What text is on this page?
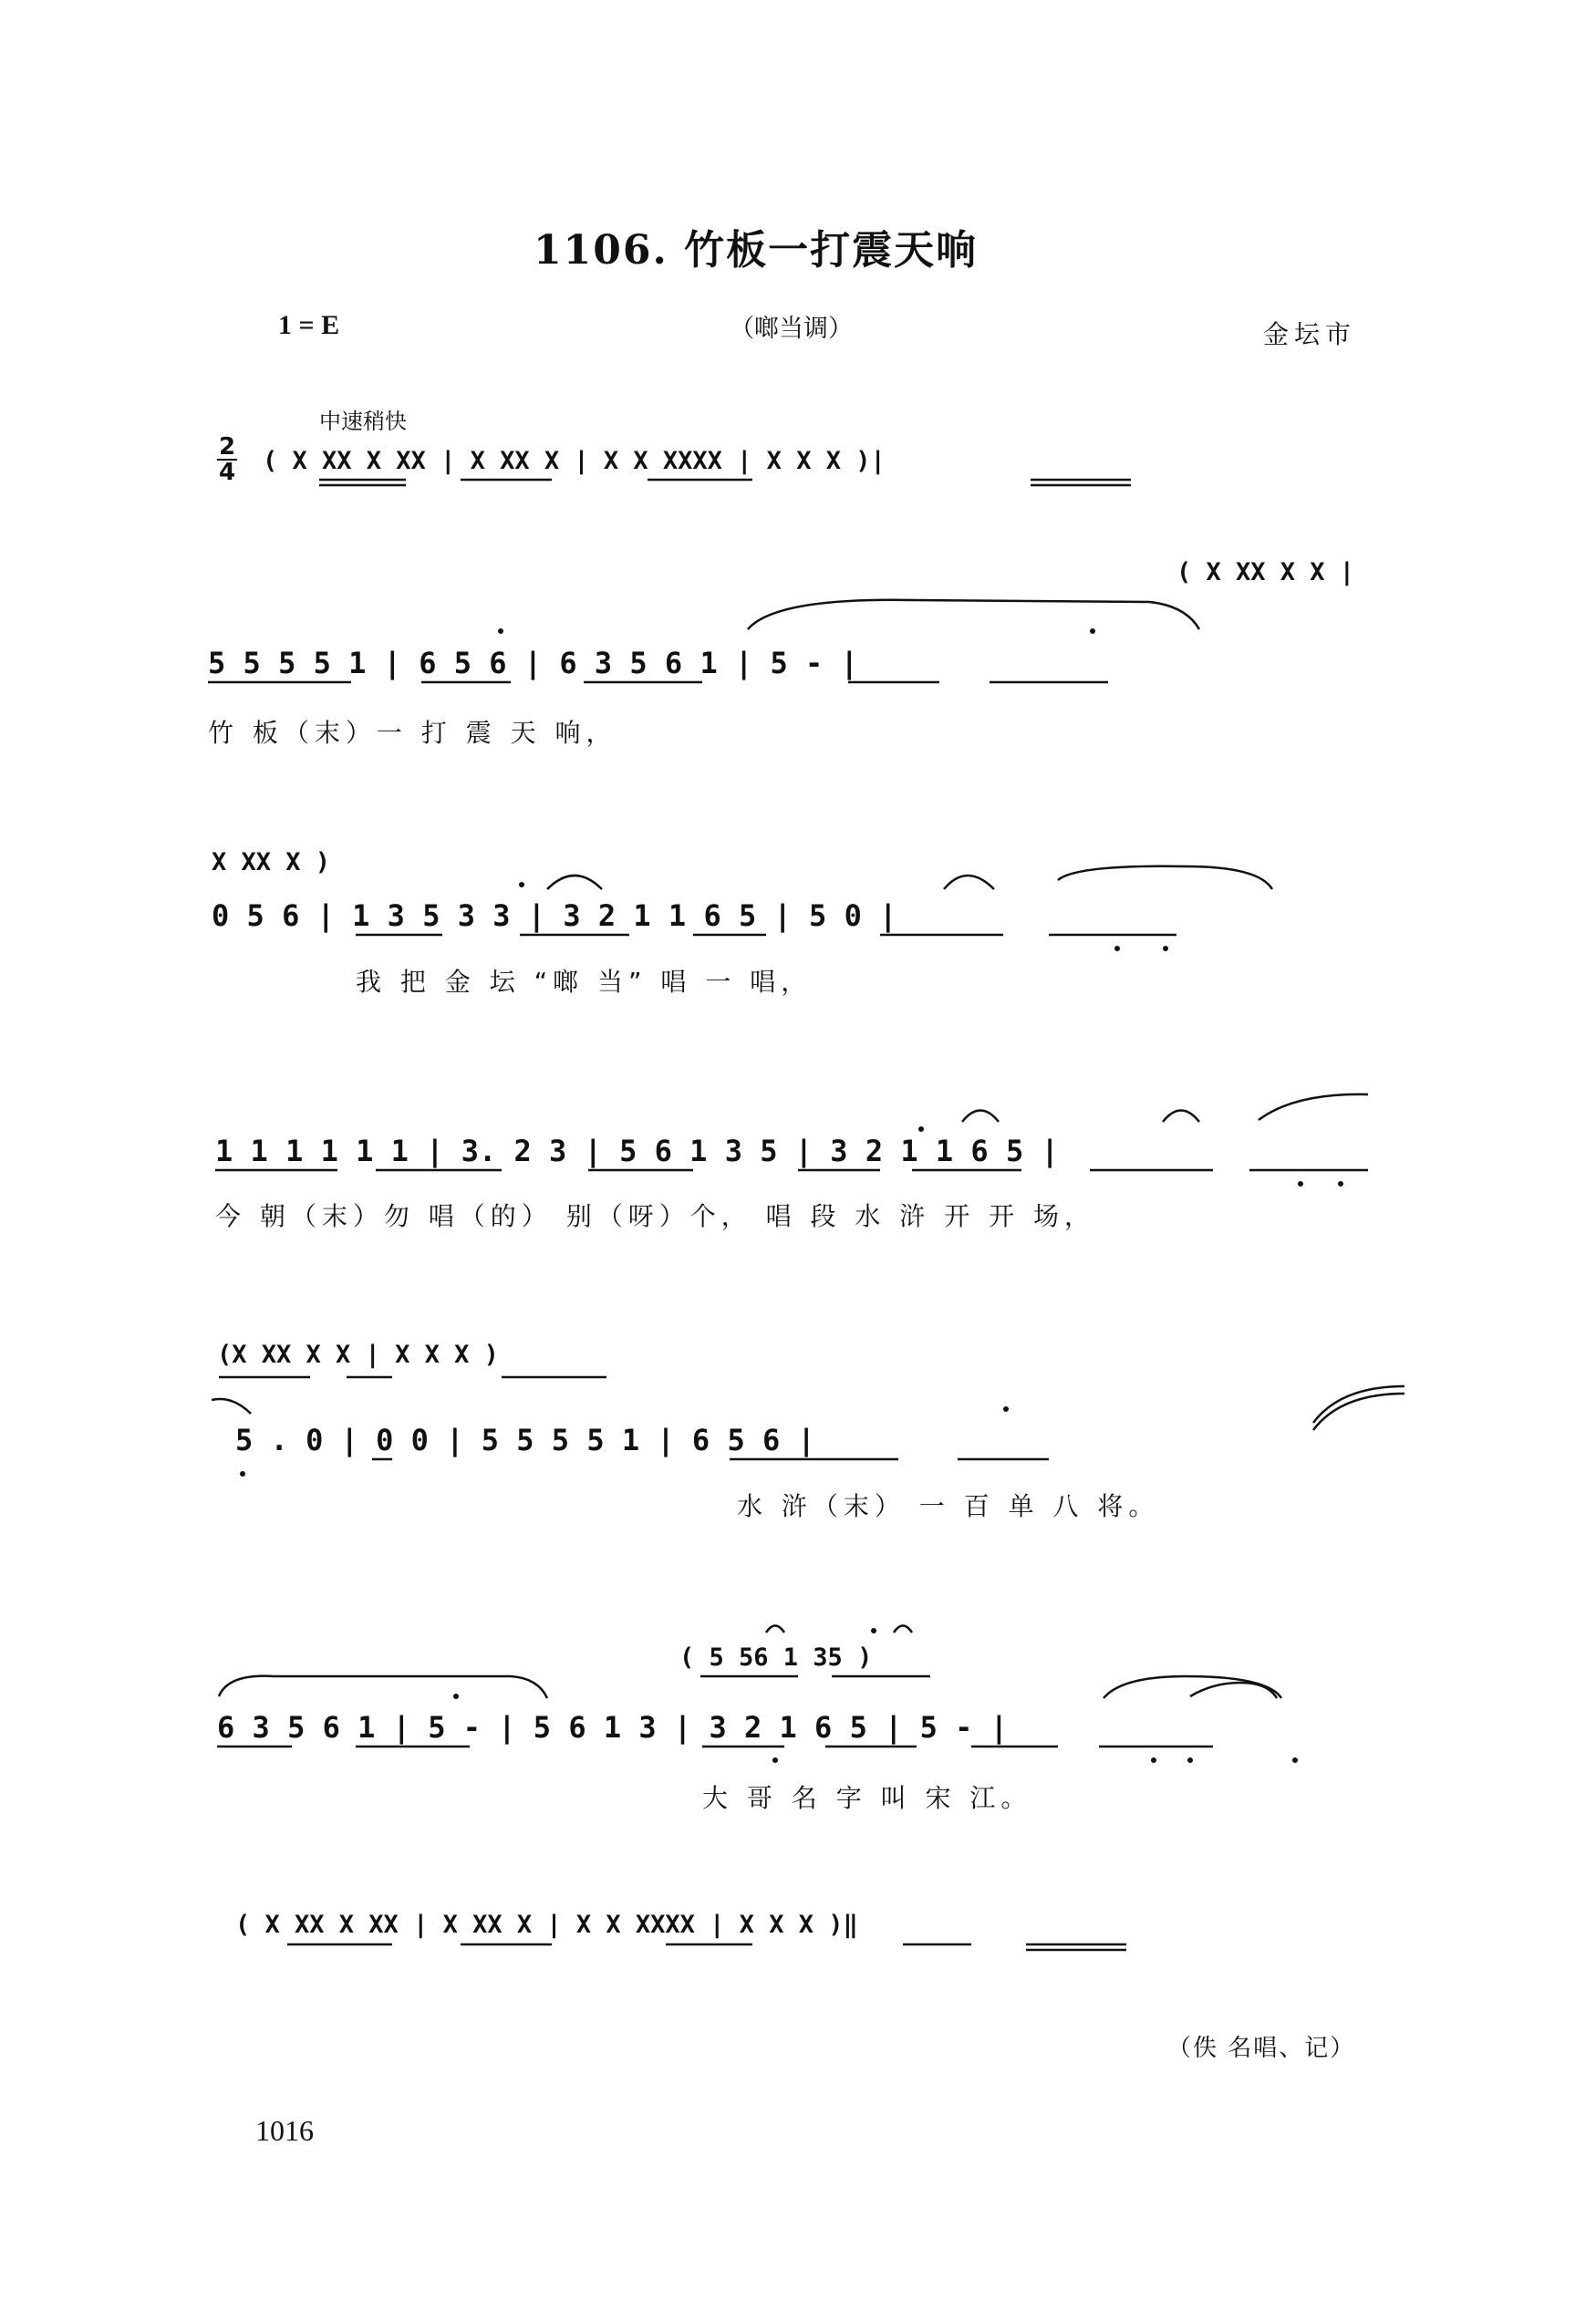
1106. 竹板一打震天响
1 = E	（啷当调）	金坛市
中速稍快
2
4 ( X XX X XX | X XX X | X X XXXX | X X X )|
( X XX X X |
5 5 5 5 1 | 6 5 6 | 6 3 5 6 1 | 5 - |
竹 板（末）一 打 震 天 响，
X XX X )
0 5 6 | 1 3 5 3 3 | 3 2 1 1 6 5 | 5 0 |
我 把 金 坛 “啷 当” 唱 一 唱，
1 1 1 1 1 1 | 3. 2 3 | 5 6 1 3 5 | 3 2 1 1 6 5 |
今 朝（末）勿 唱（的） 别（呀）个， 唱 段 水 浒 开 开 场，
(X XX X X | X X X )
5 . 0 | 0 0 | 5 5 5 5 1 | 6 5 6 |
水 浒（末） 一 百 单 八 将。
( 5 56 1 35 )
6 3 5 6 1 | 5 - | 5 6 1 3 | 3 2 1 6 5 | 5 - |
大 哥 名 字 叫 宋 江。
( X XX X XX | X XX X | X X XXXX | X X X )‖
（佚 名唱、记）
1016
